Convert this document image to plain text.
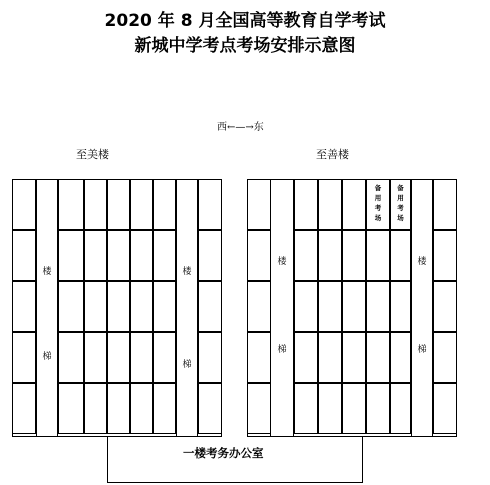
2020 年 8 月全国高等教育自学考试
新城中学考点考场安排示意图
西←—→东
至美楼	至善楼
楼
梯
楼
梯
楼
梯
楼
梯
备
用
考
场
备
用
考
场
一楼考务办公室
